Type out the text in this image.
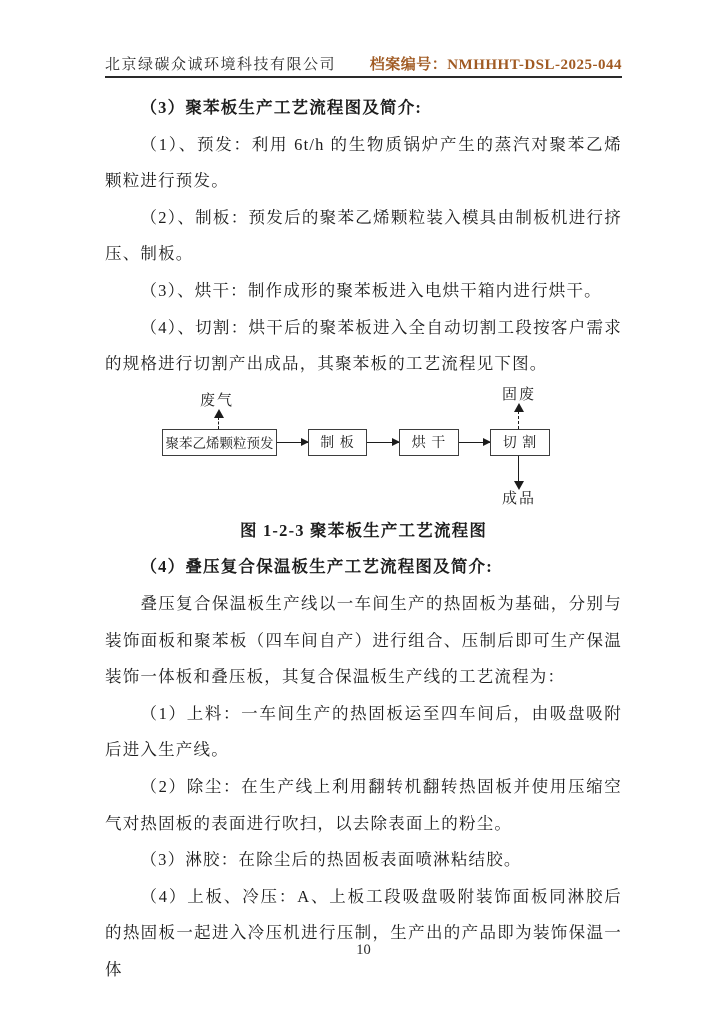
北京绿碳众诚环境科技有限公司 档案编号：NMHHHT-DSL-2025-044

（3）聚苯板生产工艺流程图及简介:

（1）、预发：利用 6t/h 的生物质锅炉产生的蒸汽对聚苯乙烯颗粒进行预发。

（2）、制板：预发后的聚苯乙烯颗粒装入模具由制板机进行挤压、制板。

（3）、烘干：制作成形的聚苯板进入电烘干箱内进行烘干。

（4）、切割：烘干后的聚苯板进入全自动切割工段按客户需求的规格进行切割产出成品，其聚苯板的工艺流程见下图。

废气	固废
聚苯乙烯颗粒预发	制 板	烘 干	切 割
成品

图 1-2-3 聚苯板生产工艺流程图

（4）叠压复合保温板生产工艺流程图及简介:

叠压复合保温板生产线以一车间生产的热固板为基础，分别与装饰面板和聚苯板（四车间自产）进行组合、压制后即可生产保温装饰一体板和叠压板，其复合保温板生产线的工艺流程为：

（1）上料：一车间生产的热固板运至四车间后，由吸盘吸附后进入生产线。

（2）除尘：在生产线上利用翻转机翻转热固板并使用压缩空气对热固板的表面进行吹扫，以去除表面上的粉尘。

（3）淋胶：在除尘后的热固板表面喷淋粘结胶。

（4）上板、冷压：A、上板工段吸盘吸附装饰面板同淋胶后的热固板一起进入冷压机进行压制，生产出的产品即为装饰保温一体

10
